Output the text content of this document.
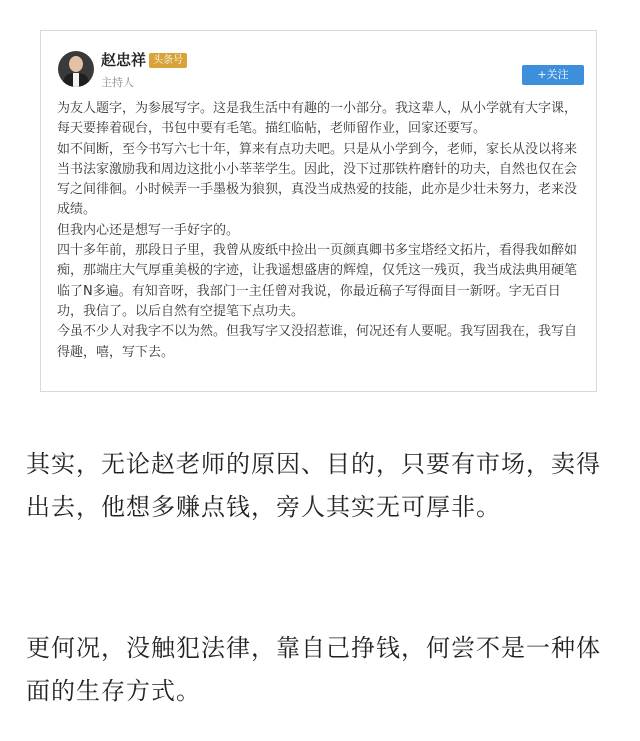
赵忠祥 头条号
主持人
+关注

为友人题字，为参展写字。这是我生活中有趣的一小部分。我这辈人，从小学就有大字课，每天要捧着砚台，书包中要有毛笔。描红临帖，老师留作业，回家还要写。

如不间断，至今书写六七十年，算来有点功夫吧。只是从小学到今，老师，家长从没以将来当书法家激励我和周边这批小小莘莘学生。因此，没下过那铁杵磨针的功夫，自然也仅在会写之间徘徊。小时候弄一手墨极为狼狈，真没当成热爱的技能，此亦是少壮未努力，老来没成绩。

但我内心还是想写一手好字的。

四十多年前，那段日子里，我曾从废纸中捡出一页颜真卿书多宝塔经文拓片，看得我如醉如痴，那端庄大气厚重美极的字迹，让我遥想盛唐的辉煌，仅凭这一残页，我当成法典用硬笔临了N多遍。有知音呀，我部门一主任曾对我说，你最近稿子写得面目一新呀。字无百日功，我信了。以后自然有空提笔下点功夫。

今虽不少人对我字不以为然。但我写字又没招惹谁，何况还有人要呢。我写固我在，我写自得趣，嘻，写下去。

其实，无论赵老师的原因、目的，只要有市场，卖得出去，他想多赚点钱，旁人其实无可厚非。
更何况，没触犯法律，靠自己挣钱，何尝不是一种体面的生存方式。
